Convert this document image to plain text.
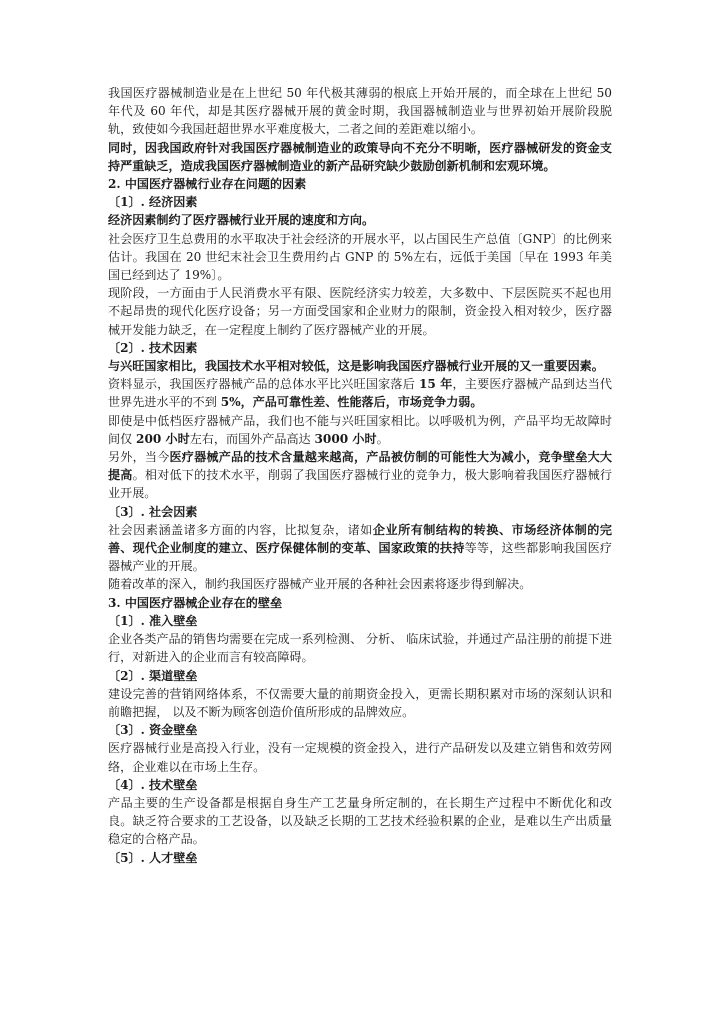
我国医疗器械制造业是在上世纪 50 年代极其薄弱的根底上开始开展的，而全球在上世纪 50 年代及 60 年代，却是其医疗器械开展的黄金时期，我国器械制造业与世界初始开展阶段脱轨，致使如今我国赶超世界水平难度极大，二者之间的差距难以缩小。

同时，因我国政府针对我国医疗器械制造业的政策导向不充分不明晰，医疗器械研发的资金支持严重缺乏，造成我国医疗器械制造业的新产品研究缺少鼓励创新机制和宏观环境。

2. 中国医疗器械行业存在问题的因素

〔1〕. 经济因素

经济因素制约了医疗器械行业开展的速度和方向。

社会医疗卫生总费用的水平取决于社会经济的开展水平，以占国民生产总值〔GNP〕的比例来估计。我国在 20 世纪末社会卫生费用约占 GNP 的 5%左右，远低于美国〔早在 1993 年美国已经到达了 19%〕。

现阶段，一方面由于人民消费水平有限、医院经济实力较差，大多数中、下层医院买不起也用不起昂贵的现代化医疗设备；另一方面受国家和企业财力的限制，资金投入相对较少，医疗器械开发能力缺乏，在一定程度上制约了医疗器械产业的开展。

〔2〕. 技术因素

与兴旺国家相比，我国技术水平相对较低，这是影响我国医疗器械行业开展的又一重要因素。

资料显示，我国医疗器械产品的总体水平比兴旺国家落后 15 年，主要医疗器械产品到达当代世界先进水平的不到 5%，产品可靠性差、性能落后，市场竞争力弱。

即使是中低档医疗器械产品，我们也不能与兴旺国家相比。以呼吸机为例，产品平均无故障时间仅 200 小时左右，而国外产品高达 3000 小时。

另外，当今医疗器械产品的技术含量越来越高，产品被仿制的可能性大为减小，竞争壁垒大大提高。相对低下的技术水平，削弱了我国医疗器械行业的竞争力，极大影响着我国医疗器械行业开展。

〔3〕. 社会因素

社会因素涵盖诸多方面的内容，比拟复杂，诸如企业所有制结构的转换、市场经济体制的完善、现代企业制度的建立、医疗保健体制的变革、国家政策的扶持等等，这些都影响我国医疗器械产业的开展。

随着改革的深入，制约我国医疗器械产业开展的各种社会因素将逐步得到解决。

3. 中国医疗器械企业存在的壁垒

〔1〕. 准入壁垒

企业各类产品的销售均需要在完成一系列检测、 分析、 临床试验，并通过产品注册的前提下进行，对新进入的企业而言有较高障碍。

〔2〕. 渠道壁垒

建设完善的营销网络体系，不仅需要大量的前期资金投入，更需长期积累对市场的深刻认识和前瞻把握， 以及不断为顾客创造价值所形成的品牌效应。

〔3〕. 资金壁垒

医疗器械行业是高投入行业，没有一定规模的资金投入，进行产品研发以及建立销售和效劳网络，企业难以在市场上生存。

〔4〕. 技术壁垒

产品主要的生产设备都是根据自身生产工艺量身所定制的，在长期生产过程中不断优化和改良。缺乏符合要求的工艺设备，以及缺乏长期的工艺技术经验积累的企业，是难以生产出质量稳定的合格产品。

〔5〕. 人才壁垒
